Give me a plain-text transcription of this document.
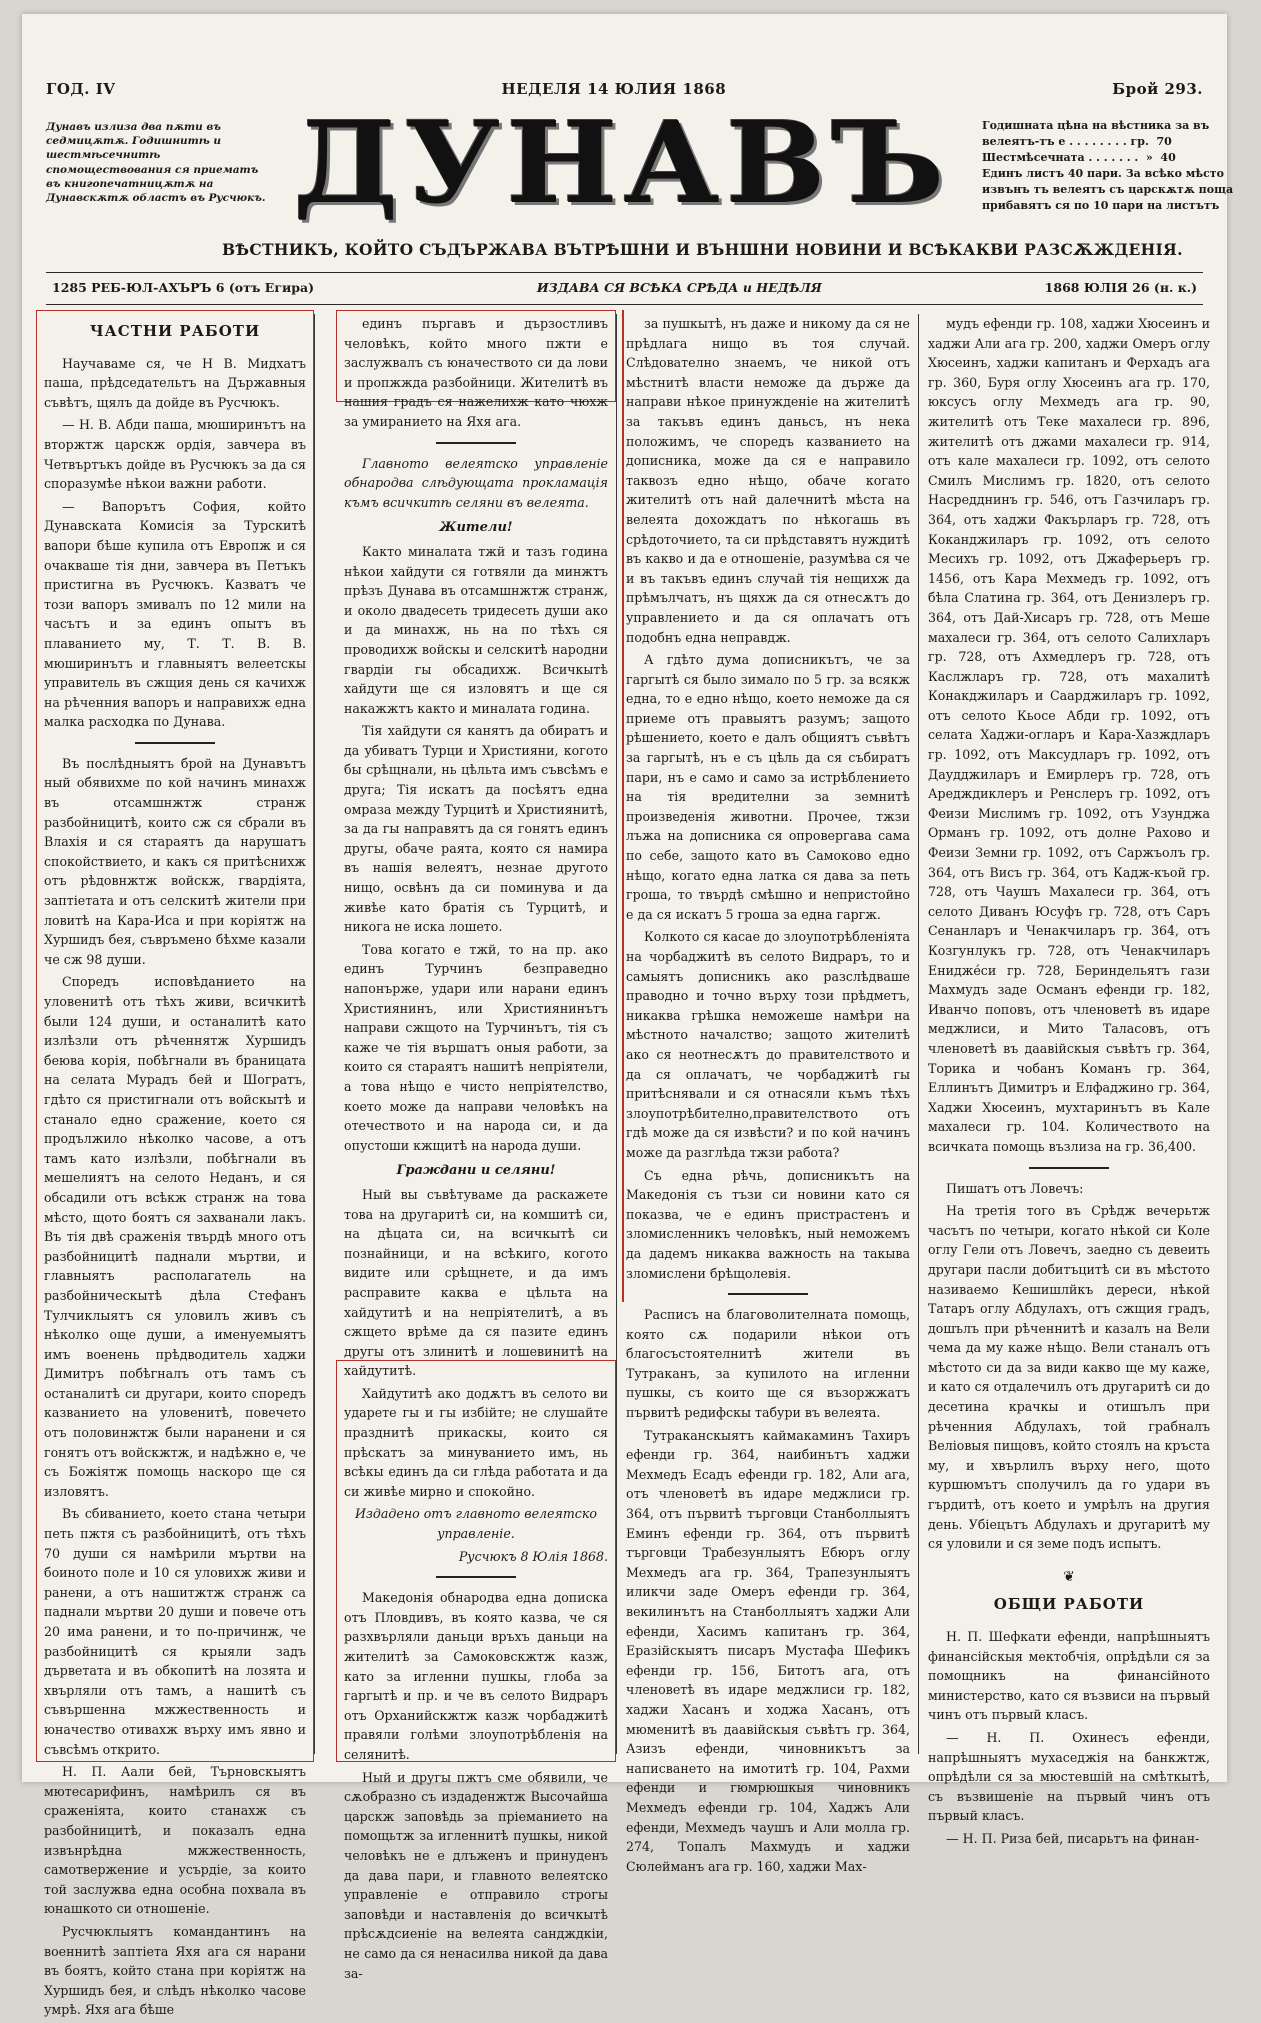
ГОД. IV	НЕДЕЛЯ 14 ЮЛИЯ 1868	Брой 293.
Дунавъ излиза два пѫти въ седмицѫтѫ. Годишнитѣ и шестмѣсечнитѣ спомоществования ся приематъ въ книгопечатницѫтѫ на Дунавскѫтѫ областъ въ Русчюкъ. ДУНАВЪ	Годишната цѣна на вѣстника за въ
велеятъ-тъ е . . . . . . . . гр.  70
Шестмѣсечната . . . . . . .  »  40
Единъ листъ 40 пари. За всѣко мѣсто
извънъ тъ велеятъ съ царскѫтѫ поща
прибавятъ ся по 10 пари на листътъ
ВѢСТНИКЪ, КОЙТО СЪДЪРЖАВА ВЪТРѢШНИ И ВЪНШНИ НОВИНИ И ВСѢКАКВИ РАЗСѪЖДЕНIЯ.
1285 РЕБ-ЮЛ-АХЪРЪ 6 (отъ Егира)	ИЗДАВА СЯ ВСѢКА СРѢДА и НЕДѢЛЯ	1868 ЮЛIЯ 26 (н. к.)
ЧАСТНИ РАБОТИ

Научаваме ся, че Н В. Мидхатъ паша, прѣдседательтъ на Държавныя съвѣтъ, щялъ да дойде въ Русчюкъ.

— Н. В. Абди паша, мюширинътъ на вторжтж царскж ордія, завчера въ Четвъртъкъ дойде въ Русчюкъ за да ся споразумѣе нѣкои важни работи.

— Вапорътъ София, който Дунавската Комисія за Турскитѣ вапори бѣше купила отъ Европж и ся очакваше тія дни, завчера въ Петъкъ пристигна въ Русчюкъ. Казватъ че този вапоръ змивалъ по 12 мили на часътъ и за единъ опытъ въ плаванието му, Т. Т. В. В. мюширинътъ и главныятъ велеетскы управитель въ сжщия день ся качихж на рѣченния вапоръ и направихж една малка расходка по Дунава.

Въ послѣдныятъ брой на Дунавътъ ный обявихме по кой начинъ минахж въ отсамшнжтж странж разбойницитѣ, които сж ся сбрали въ Влахія и ся стараятъ да нарушатъ спокойствието, и какъ ся притѣснихж отъ рѣдовнжтж войскж, гвардіята, заптіетата и отъ селскитѣ жители при ловитѣ на Кара-Иса и при корiятж на Хуршидъ бея, съвръмено бѣхме казали че сж 98 души.

Споредъ исповѣданието на уловенитѣ отъ тѣхъ живи, всичкитѣ были 124 души, и останалитѣ като излѣзли отъ рѣченнятж Хуршидъ беюва корія, побѣгнали въ браницата на селата Мурадъ бей и Шогратъ, гдѣто ся пристигнали отъ войскытѣ и станало едно сражение, което ся продължило нѣколко часове, а отъ тамъ като излѣзли, побѣгнали въ мешелиятъ на селото Неданъ, и ся обсадили отъ всѣкж странж на това мѣсто, щото боятъ ся захванали лакъ. Въ тія двѣ сраженія твърдѣ много отъ разбойницитѣ паднали мъртви, и главныятъ располагатель на разбойническытѣ дѣла Стефанъ Тулчиклыятъ ся уловилъ живъ съ нѣколко още души, а именуемыятъ имъ военень прѣдводитель хаджи Димитръ побѣгналъ отъ тамъ съ останалитѣ си другари, които споредъ казванието на уловенитѣ, повечето отъ половинжтж были наранени и ся гонятъ отъ войскжтж, и надѣжно е, че съ Божіятж помощь наскоро ще ся изловятъ.

Въ сбиванието, което стана четыри петь пжтя съ разбойницитѣ, отъ тѣхъ 70 души ся намѣрили мъртви на боиното поле и 10 ся уловихж живи и ранени, а отъ нашитжтж странж са паднали мъртви 20 души и повече отъ 20 има ранени, и то по-причинж, че разбойницитѣ ся крыяли задъ дърветата и въ обкопитѣ на лозята и хвърляли отъ тамъ, а нашитѣ съ съвършенна мжжественность и юначество отивахж върху имъ явно и съвсѣмъ открито.

Н. П. Аали бей, Търновскыятъ мютесарифинъ, намѣрилъ ся въ сраженіята, които станахж съ разбойницитѣ, и показалъ една извънрѣдна мжжественность, самотвержение и усърдіе, за които той заслужва една особна похвала въ юнашкото си отношеніе.

Русчюклыятъ командантинъ на военнитѣ заптіета Яхя ага ся нарани въ боятъ, който стана при корiятж на Хуршидъ бея, и слѣдъ нѣколко часове умрѣ. Яхя ага бѣше

единъ пъргавъ и дързостливъ человѣкъ, който много пжти е заслужвалъ съ юначеството си да лови и пропжжда разбойници. Жителитѣ въ нашия градъ ся нажелихж като чюхж за умиранието на Яхя ага.

Главното велеятско управленіе обнародва слѣдующата прокламація къмъ всичкитѣ селяни въ велеята.

Жители!

Както миналата тжй и тазъ година нѣкои хайдути ся готвяли да минжтъ прѣзъ Дунава въ отсамшнжтж странж, и около двадесеть тридесеть души ако и да минахж, нь на по тѣхъ ся проводихж войскы и селскитѣ народни гвардіи гы обсадихж. Всичкытѣ хайдути ще ся изловятъ и ще ся накажжтъ както и миналата година.

Тія хайдути ся канятъ да обиратъ и да убиватъ Турци и Християни, когото бы срѣщнали, нь цѣльта имъ съвсѣмъ е друга; Тія искатъ да посѣятъ една омраза между Турцитѣ и Християнитѣ, за да гы направятъ да ся гонятъ единъ другы, обаче раята, която ся намира въ нашія велеятъ, незнае другото нищо, освѣнъ да си поминува и да живѣе като братія съ Турцитѣ, и никога не иска лошето.

Това когато е тжй, то на пр. ако единъ Турчинъ безправедно напонърже, удари или нарани единъ Християнинъ, или Християнинътъ направи сжщото на Турчинътъ, тія съ каже че тія вършатъ оныя работи, за които ся стараятъ нашитѣ непріятели, а това нѣщо е чисто непріятелство, което може да направи человѣкъ на отечеството и на народа си, и да опустоши кжщитѣ на народа души.

Граждани и селяни!

Ный вы съвѣтуваме да раскажете това на другаритѣ си, на комшитѣ си, на дѣцата си, на всичкытѣ си познайници, и на всѣкиго, когото видите или срѣщнете, и да имъ распрaвите каква е цѣльта на хайдутитѣ и на непріятелитѣ, а въ сжщето врѣме да ся пазите единъ другы отъ злинитѣ и лошевинитѣ на хайдутитѣ.

Хайдутитѣ ако додѫтъ въ селото ви ударете гы и гы избійте; не слушайте празднитѣ прикаскы, които ся прѣскатъ за минуванието имъ, нь всѣкы единъ да си глѣда работата и да си живѣе мирно и спокойно.

Издадено отъ главното велеятско управленіе.

Русчюкъ 8 Юлія 1868.

Македонія обнародва една дописка отъ Пловдивъ, въ която казва, че ся разхвърляли даньци връхъ даньци на жителитѣ за Самоковскжтж казж, като за игленни пушкы, глоба за гаргытѣ и пр. и че въ селото Видраръ отъ Орханийскжтж казж чорбаджитѣ правяли голѣми злоупотрѣбленія на селянитѣ.

Ный и другы пжтъ сме обявили, че сѫобразно съ издаденжтж Высочайша царскж заповѣдь за пріеманието на помощьтж за игленнитѣ пушкы, никой человѣкъ не е длъженъ и принуденъ да дава пари, и главното велеятско управленіе е отправило строгы заповѣди и наставленія до всичкытѣ прѣсѫдсиеніе на велеята сандждкіи, не само да ся ненасилва никой да дава за-

за пушкытѣ, нъ даже и никому да ся не прѣдлага нищо въ тоя случай. Слѣдователно знаемъ, че никой отъ мѣстнитѣ власти неможе да държе да направи нѣкое принужденіе на жителитѣ за такъвъ единъ даньcъ, нъ нека положимъ, че споредъ казванието на дописника, може да ся е направило таквозъ едно нѣщо, обаче когато жителитѣ отъ най далечнитѣ мѣста на велеята дохождатъ по нѣкогашь въ срѣдоточието, та си прѣдставятъ нуждитѣ въ какво и да е отношеніе, разумѣва ся че и въ такъвъ единъ случай тія нещихж да прѣмълчатъ, нъ щяхж да ся отнесѫтъ до управлението и да ся оплачатъ отъ подобнъ една неправдж.

А гдѣто дума дописникътъ, че за гаргытѣ ся было зимало по 5 гр. за всякж една, то е едно нѣщо, което неможе да ся приеме отъ правыятъ разумъ; защото рѣшението, което е далъ общиятъ съвѣтъ за гаргытѣ, нъ е съ цѣль да ся събиратъ пари, нъ е само и само за истрѣблението на тія вредителни за земнитѣ произведенія животни. Прочее, тжзи лъжа на дописника ся опровергава сама по себе, защото като въ Самоково едно нѣщо, когато една латка ся дава за петь гроша, то твърдѣ смѣшно и непристойно е да ся искатъ 5 гроша за една гаргж.

Колкото ся касае до злоупотрѣбленіята на чорбаджитѣ въ селото Видраръ, то и самыятъ дописникъ ако разслѣдваше праводно и точно върху този прѣдметъ, никаква грѣшка неможеше намѣри на мѣстното началство; защото жителитѣ ако ся неотнесѫтъ до правителството и да ся оплачатъ, че чорбаджитѣ гы притѣснявали и ся отнасяли къмъ тѣхъ злоупотрѣбително,правителството отъ гдѣ може да ся извѣсти? и по кой начинъ може да разглѣда тжзи работа?

Съ една рѣчь, дописникътъ на Македонія съ тъзи си новини като ся показва, че е единъ пристрастенъ и зломисленникъ человѣкъ, ный неможемъ да дадемъ никаква важность на такыва зломислени брѣщолевія.

Расписъ на благоволителната помощь, която сѫ подарили нѣкои отъ благосъстоятелнитѣ жители въ Тутраканъ, за купилото на игленни пушкы, съ които ще ся възоржжатъ първитѣ редифскы табури въ велеята.

Тутраканскыятъ каймакаминъ Тахиръ ефенди гр. 364, наибинътъ хаджи Мехмедъ Есадъ ефенди гр. 182, Али ага, отъ членоветѣ въ идаре меджлиси гр. 364, отъ първитѣ търговци Станболлыятъ Еминъ ефенди гр. 364, отъ първитѣ търговци Трабезунлыятъ Ебюръ оглу Мехмедъ ага гр. 364, Трапезунлыятъ иликчи заде Омеръ ефенди гр. 364, векилинътъ на Станболлыятъ хаджи Али ефенди, Хасимъ капитанъ гр. 364, Еразійскыятъ писаръ Мустафа Шефикъ ефенди гр. 156, Битотъ ага, отъ членоветѣ въ идаре меджлиси гр. 182, хаджи Хасанъ и ходжа Хасанъ, отъ мюменитѣ въ даавійскыя съвѣтъ гр. 364, Азизъ ефенди, чиновникътъ за написването на имотитѣ гр. 104, Рахми ефенди и гюмрюшкыя чиновникъ Мехмедъ ефенди гр. 104, Хаджъ Али ефенди, Мехмедъ чаушъ и Али молла гр. 274, Топалъ Махмудъ и хаджи Сюлейманъ ага гр. 160, хаджи Мах-

мудъ ефенди гр. 108, хаджи Хюсеинъ и хаджи Али ага гр. 200, хаджи Омеръ оглу Хюсеинъ, хаджи капитанъ и Ферхадъ ага гр. 360, Буря оглу Хюсеинъ ага гр. 170, юксусъ оглу Мехмедъ ага гр. 90, жителитѣ отъ Теке махалеси гр. 896, жителитѣ отъ джами махалеси гр. 914, отъ кале махалеси гр. 1092, отъ селото Смилъ Мислимъ гр. 1820, отъ селото Насредднинъ гр. 546, отъ Газчиларъ гр. 364, отъ хаджи Факърларъ гр. 728, отъ Коканджиларъ гр. 1092, отъ селото Месихъ гр. 1092, отъ Джаферьеръ гр. 1456, отъ Кара Мехмедъ гр. 1092, отъ бѣла Слатина гр. 364, отъ Денизлеръ гр. 364, отъ Дай-Хисаръ гр. 728, отъ Меше махалеси гр. 364, отъ селото Салихларъ гр. 728, отъ Ахмедлеръ гр. 728, отъ Каслжларъ гр. 728, отъ махалитѣ Конакджиларъ и Саарджиларъ гр. 1092, отъ селото Кьосе Абди гр. 1092, отъ селата Хаджи-огларъ и Кара-Хазждларъ гр. 1092, отъ Максудларъ гр. 1092, отъ Даудджиларъ и Емирлеръ гр. 728, отъ Аредждиклеръ и Ренслеръ гр. 1092, отъ Феизи Мислимъ гр. 1092, отъ Узунджа Орманъ гр. 1092, отъ долне Рахово и Феизи Земни гр. 1092, отъ Саржъолъ гр. 364, отъ Висъ гр. 364, отъ Кадж-къой гр. 728, отъ Чаушъ Махалеси гр. 364, отъ селото Диванъ Юсуфъ гр. 728, отъ Саръ Сенанларъ и Ченакчиларъ гр. 364, отъ Козгунлукъ гр. 728, отъ Ченакчиларъ Енидже́си гр. 728, Бериндельятъ гази Махмудъ заде Османъ ефенди гр. 182, Иванчо поповъ, отъ членоветѣ въ идаре меджлиси, и Мито Таласовъ, отъ членоветѣ въ даавійскыя съвѣтъ гр. 364, Торика и чобанъ Команъ гр. 364, Еллинътъ Димитръ и Елфаджино гр. 364, Хаджи Хюсеинъ, мухтаринътъ въ Кале махалеси гр. 104. Количеството на всичката помощь възлиза на гр. 36,400.

Пишатъ отъ Ловечъ:

На третія того въ Срѣдж вечерьтж часътъ по четыри, когато нѣкой си Коле оглу Гели отъ Ловечъ, заедно съ девеить другари пасли добитъцитѣ си въ мѣстото називаемо Кешишлйкъ дереси, нѣкой Татаръ оглу Абдулахъ, отъ сжщия градъ, дошълъ при рѣченнитѣ и казалъ на Вели чема да му каже нѣщо. Вели станалъ отъ мѣстото си да за види какво ще му каже, и като ся отдалечилъ отъ другаритѣ си до десетина крачкы и отишълъ при рѣченния Абдулахъ, той грабналъ Веліовыя пищовъ, който стоялъ на кръста му, и хвърлилъ върху него, щото куршюмътъ сполучилъ да го удари въ гърдитѣ, отъ което и умрѣлъ на другия день. Убіецътъ Абдулахъ и другаритѣ му ся уловили и ся земе подъ испытъ.

❦
ОБЩИ РАБОТИ

Н. П. Шефкати ефенди, напрѣшныятъ финансійскыя мектобчія, опрѣдѣли ся за помощникъ на финансійното министерство, като ся възвиси на първый чинъ отъ първый класъ.

— Н. П. Охинесъ ефенди, напрѣшныятъ мухаседжія на банкжтж, опрѣдѣли ся за мюстевшій на смѣткытѣ, съ възвишеніе на първый чинъ отъ първый класъ.

— Н. П. Риза бей, писарьтъ на финан-
